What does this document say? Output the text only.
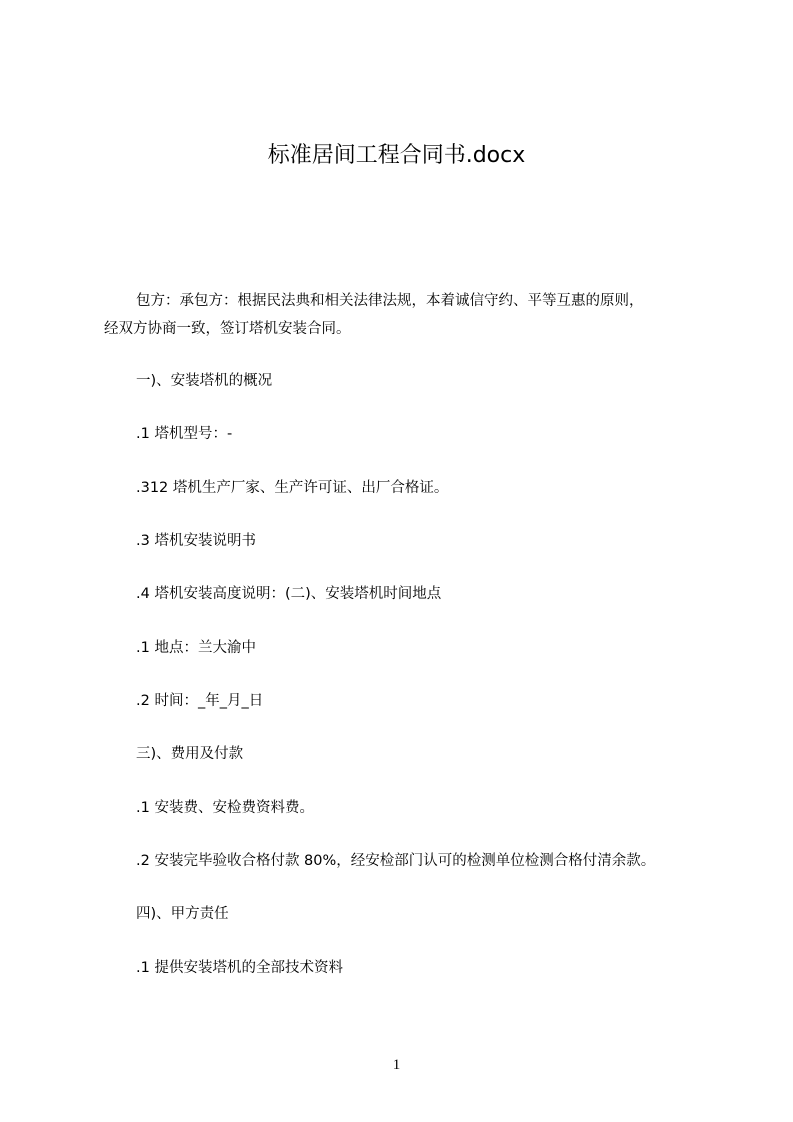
标准居间工程合同书.docx
包方：承包方：根据民法典和相关法律法规，本着诚信守约、平等互惠的原则，
经双方协商一致，签订塔机安装合同。
一)、安装塔机的概况
.1 塔机型号：-
.312 塔机生产厂家、生产许可证、出厂合格证。
.3 塔机安装说明书
.4 塔机安装高度说明：(二)、安装塔机时间地点
.1 地点：兰大渝中
.2 时间：_年_月_日
三)、费用及付款
.1 安装费、安检费资料费。
.2 安装完毕验收合格付款 80%，经安检部门认可的检测单位检测合格付清余款。
四)、甲方责任
.1 提供安装塔机的全部技术资料
1
